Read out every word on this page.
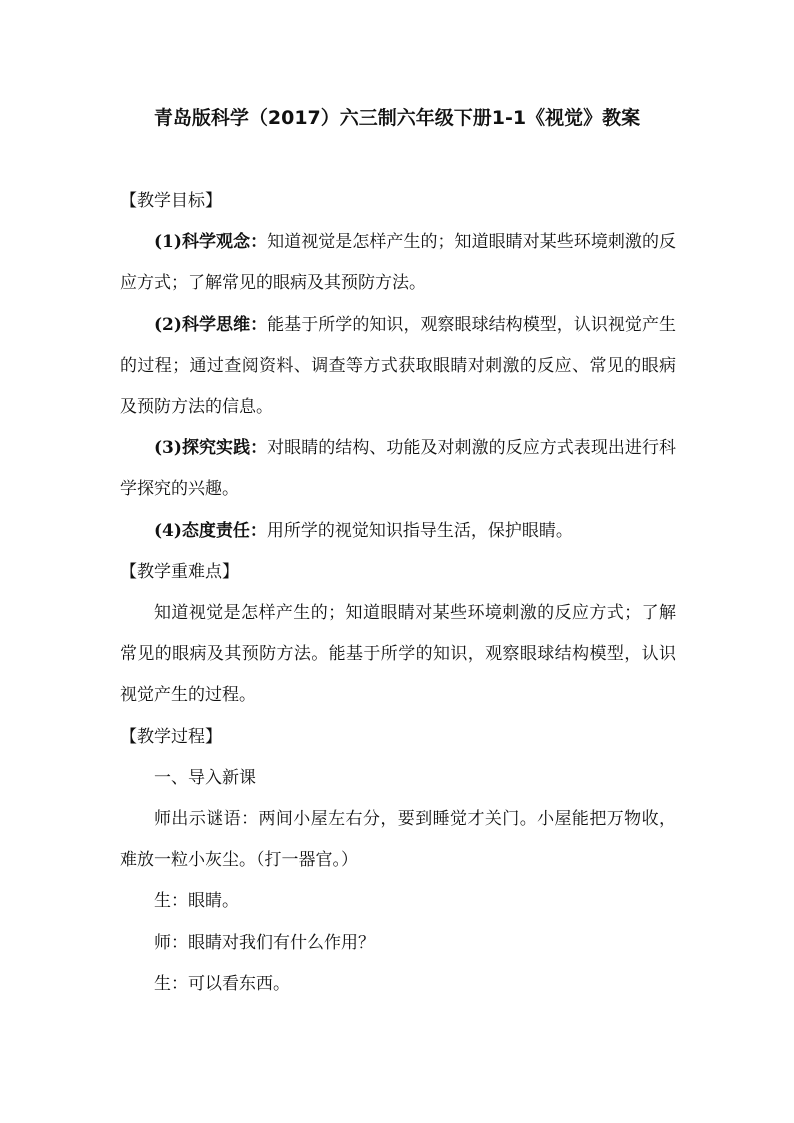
青岛版科学（2017）六三制六年级下册1-1《视觉》教案

【教学目标】

(1)科学观念：知道视觉是怎样产生的；知道眼睛对某些环境刺激的反应方式；了解常见的眼病及其预防方法。

(2)科学思维：能基于所学的知识，观察眼球结构模型，认识视觉产生的过程；通过查阅资料、调查等方式获取眼睛对刺激的反应、常见的眼病及预防方法的信息。

(3)探究实践：对眼睛的结构、功能及对刺激的反应方式表现出进行科学探究的兴趣。

(4)态度责任：用所学的视觉知识指导生活，保护眼睛。

【教学重难点】

知道视觉是怎样产生的；知道眼睛对某些环境刺激的反应方式；了解常见的眼病及其预防方法。能基于所学的知识，观察眼球结构模型，认识视觉产生的过程。

【教学过程】

一、导入新课

师出示谜语：两间小屋左右分，要到睡觉才关门。小屋能把万物收，难放一粒小灰尘。（打一器官。）

生：眼睛。

师：眼睛对我们有什么作用？

生：可以看东西。
